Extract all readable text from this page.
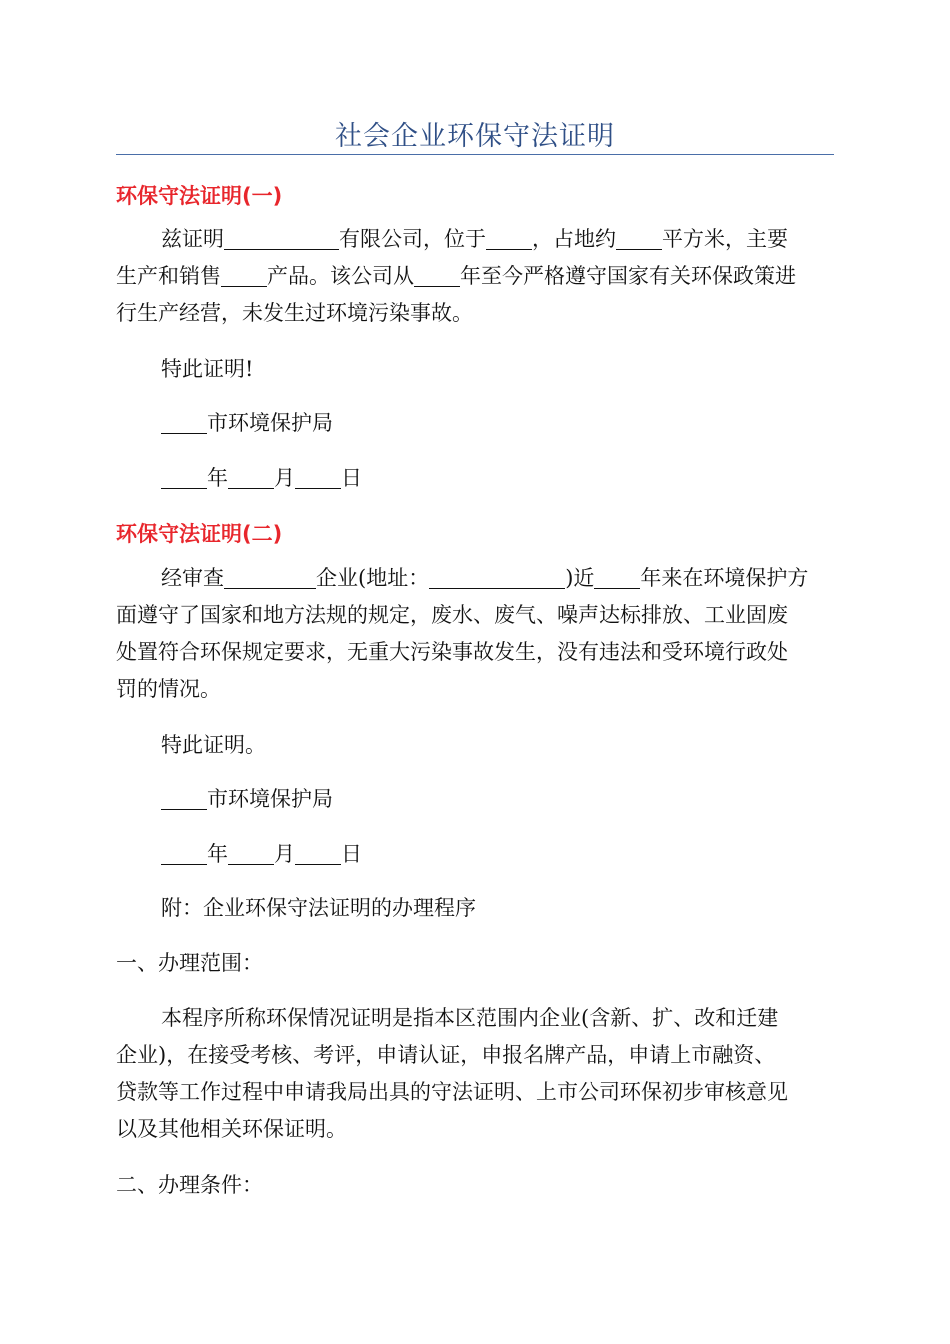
社会企业环保守法证明
环保守法证明(一)
兹证明	有限公司，位于 ，占地约 平方米，主要
生产和销售 产品。该公司从 年至今严格遵守国家有关环保政策进
行生产经营，未发生过环境污染事故。
特此证明!
市环境保护局
年 月 日
环保守法证明(二)
经审查	企业(地址：	)近 年来在环境保护方
面遵守了国家和地方法规的规定，废水、废气、噪声达标排放、工业固废
处置符合环保规定要求，无重大污染事故发生，没有违法和受环境行政处
罚的情况。
特此证明。
市环境保护局
年 月 日
附：企业环保守法证明的办理程序
一、办理范围：
本程序所称环保情况证明是指本区范围内企业(含新、扩、改和迁建
企业)，在接受考核、考评，申请认证，申报名牌产品，申请上市融资、
贷款等工作过程中申请我局出具的守法证明、上市公司环保初步审核意见
以及其他相关环保证明。
二、办理条件：
